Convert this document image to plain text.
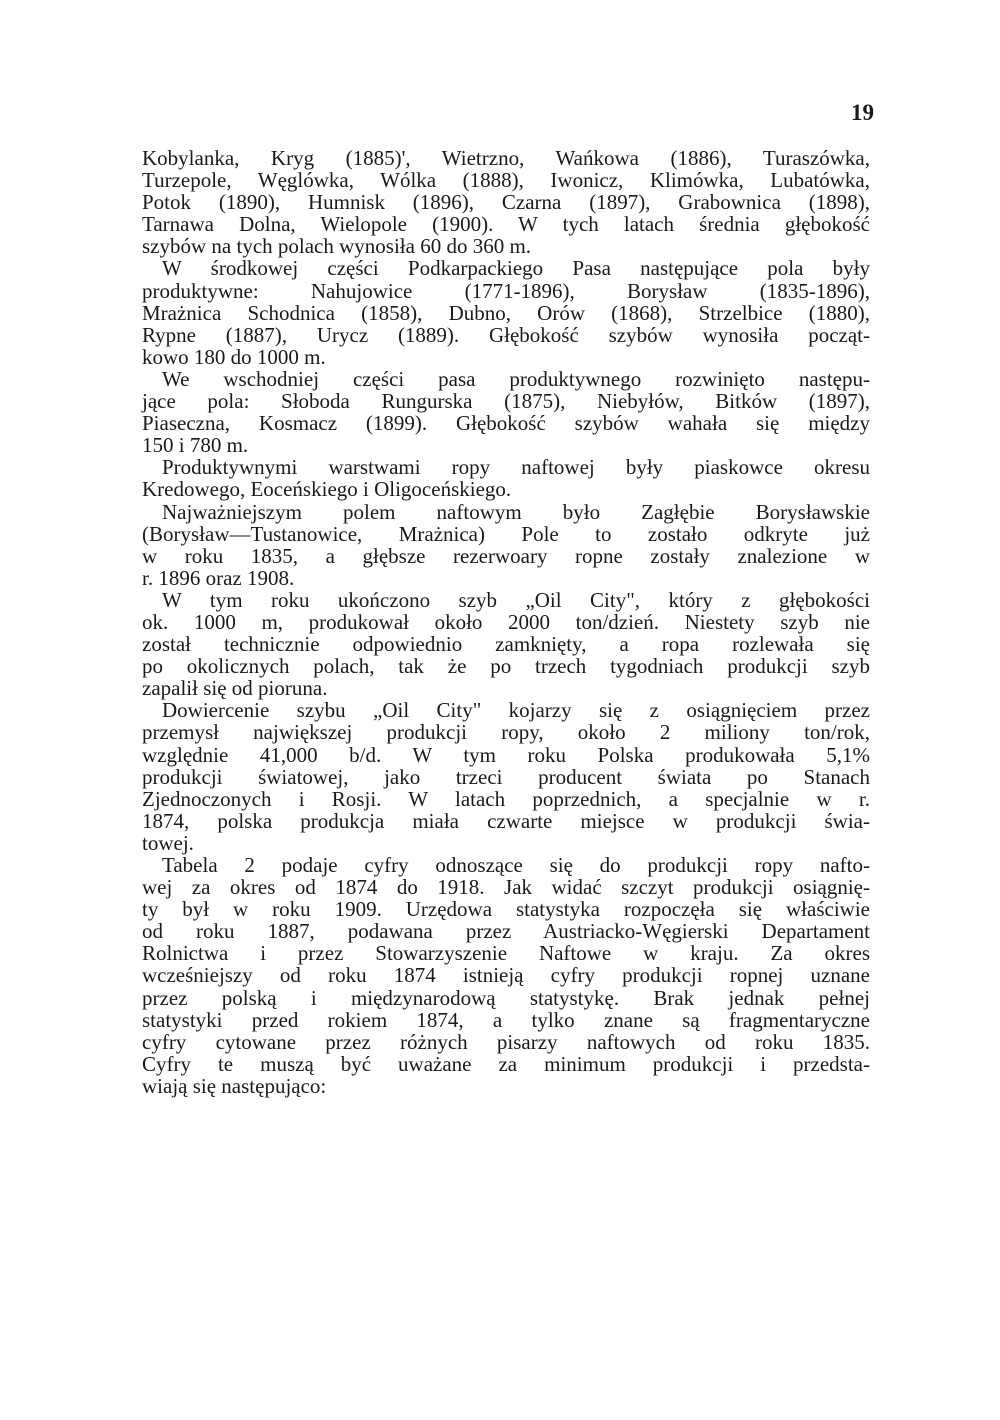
19

Kobylanka, Kryg (1885)', Wietrzno, Wańkowa (1886), Turaszówka,
Turzepole, Węglówka, Wólka (1888), Iwonicz, Klimówka, Lubatówka,
Potok (1890), Humnisk (1896), Czarna (1897), Grabownica (1898),
Tarnawa Dolna, Wielopole (1900). W tych latach średnia głębokość
szybów na tych polach wynosiła 60 do 360 m.

W środkowej części Podkarpackiego Pasa następujące pola były
produktywne: Nahujowice (1771-1896), Borysław (1835-1896),
Mrażnica Schodnica (1858), Dubno, Orów (1868), Strzelbice (1880),
Rypne (1887), Urycz (1889). Głębokość szybów wynosiła począt-
kowo 180 do 1000 m.

We wschodniej części pasa produktywnego rozwinięto następu-
jące pola: Słoboda Rungurska (1875), Niebyłów, Bitków (1897),
Piaseczna, Kosmacz (1899). Głębokość szybów wahała się między
150 i 780 m.

Produktywnymi warstwami ropy naftowej były piaskowce okresu
Kredowego, Eoceńskiego i Oligoceńskiego.

Najważniejszym polem naftowym było Zagłębie Borysławskie
(Borysław—Tustanowice, Mrażnica) Pole to zostało odkryte już
w roku 1835, a głębsze rezerwoary ropne zostały znalezione w
r. 1896 oraz 1908.

W tym roku ukończono szyb „Oil City", który z głębokości
ok. 1000 m, produkował około 2000 ton/dzień. Niestety szyb nie
został technicznie odpowiednio zamknięty, a ropa rozlewała się
po okolicznych polach, tak że po trzech tygodniach produkcji szyb
zapalił się od pioruna.

Dowiercenie szybu „Oil City" kojarzy się z osiągnięciem przez
przemysł największej produkcji ropy, około 2 miliony ton/rok,
względnie 41,000 b/d. W tym roku Polska produkowała 5,1%
produkcji światowej, jako trzeci producent świata po Stanach
Zjednoczonych i Rosji. W latach poprzednich, a specjalnie w r.
1874, polska produkcja miała czwarte miejsce w produkcji świa-
towej.

Tabela 2 podaje cyfry odnoszące się do produkcji ropy nafto-
wej za okres od 1874 do 1918. Jak widać szczyt produkcji osiągnię-
ty był w roku 1909. Urzędowa statystyka rozpoczęła się właściwie
od roku 1887, podawana przez Austriacko-Węgierski Departament
Rolnictwa i przez Stowarzyszenie Naftowe w kraju. Za okres
wcześniejszy od roku 1874 istnieją cyfry produkcji ropnej uznane
przez polską i międzynarodową statystykę. Brak jednak pełnej
statystyki przed rokiem 1874, a tylko znane są fragmentaryczne
cyfry cytowane przez różnych pisarzy naftowych od roku 1835.
Cyfry te muszą być uważane za minimum produkcji i przedsta-
wiają się następująco:
